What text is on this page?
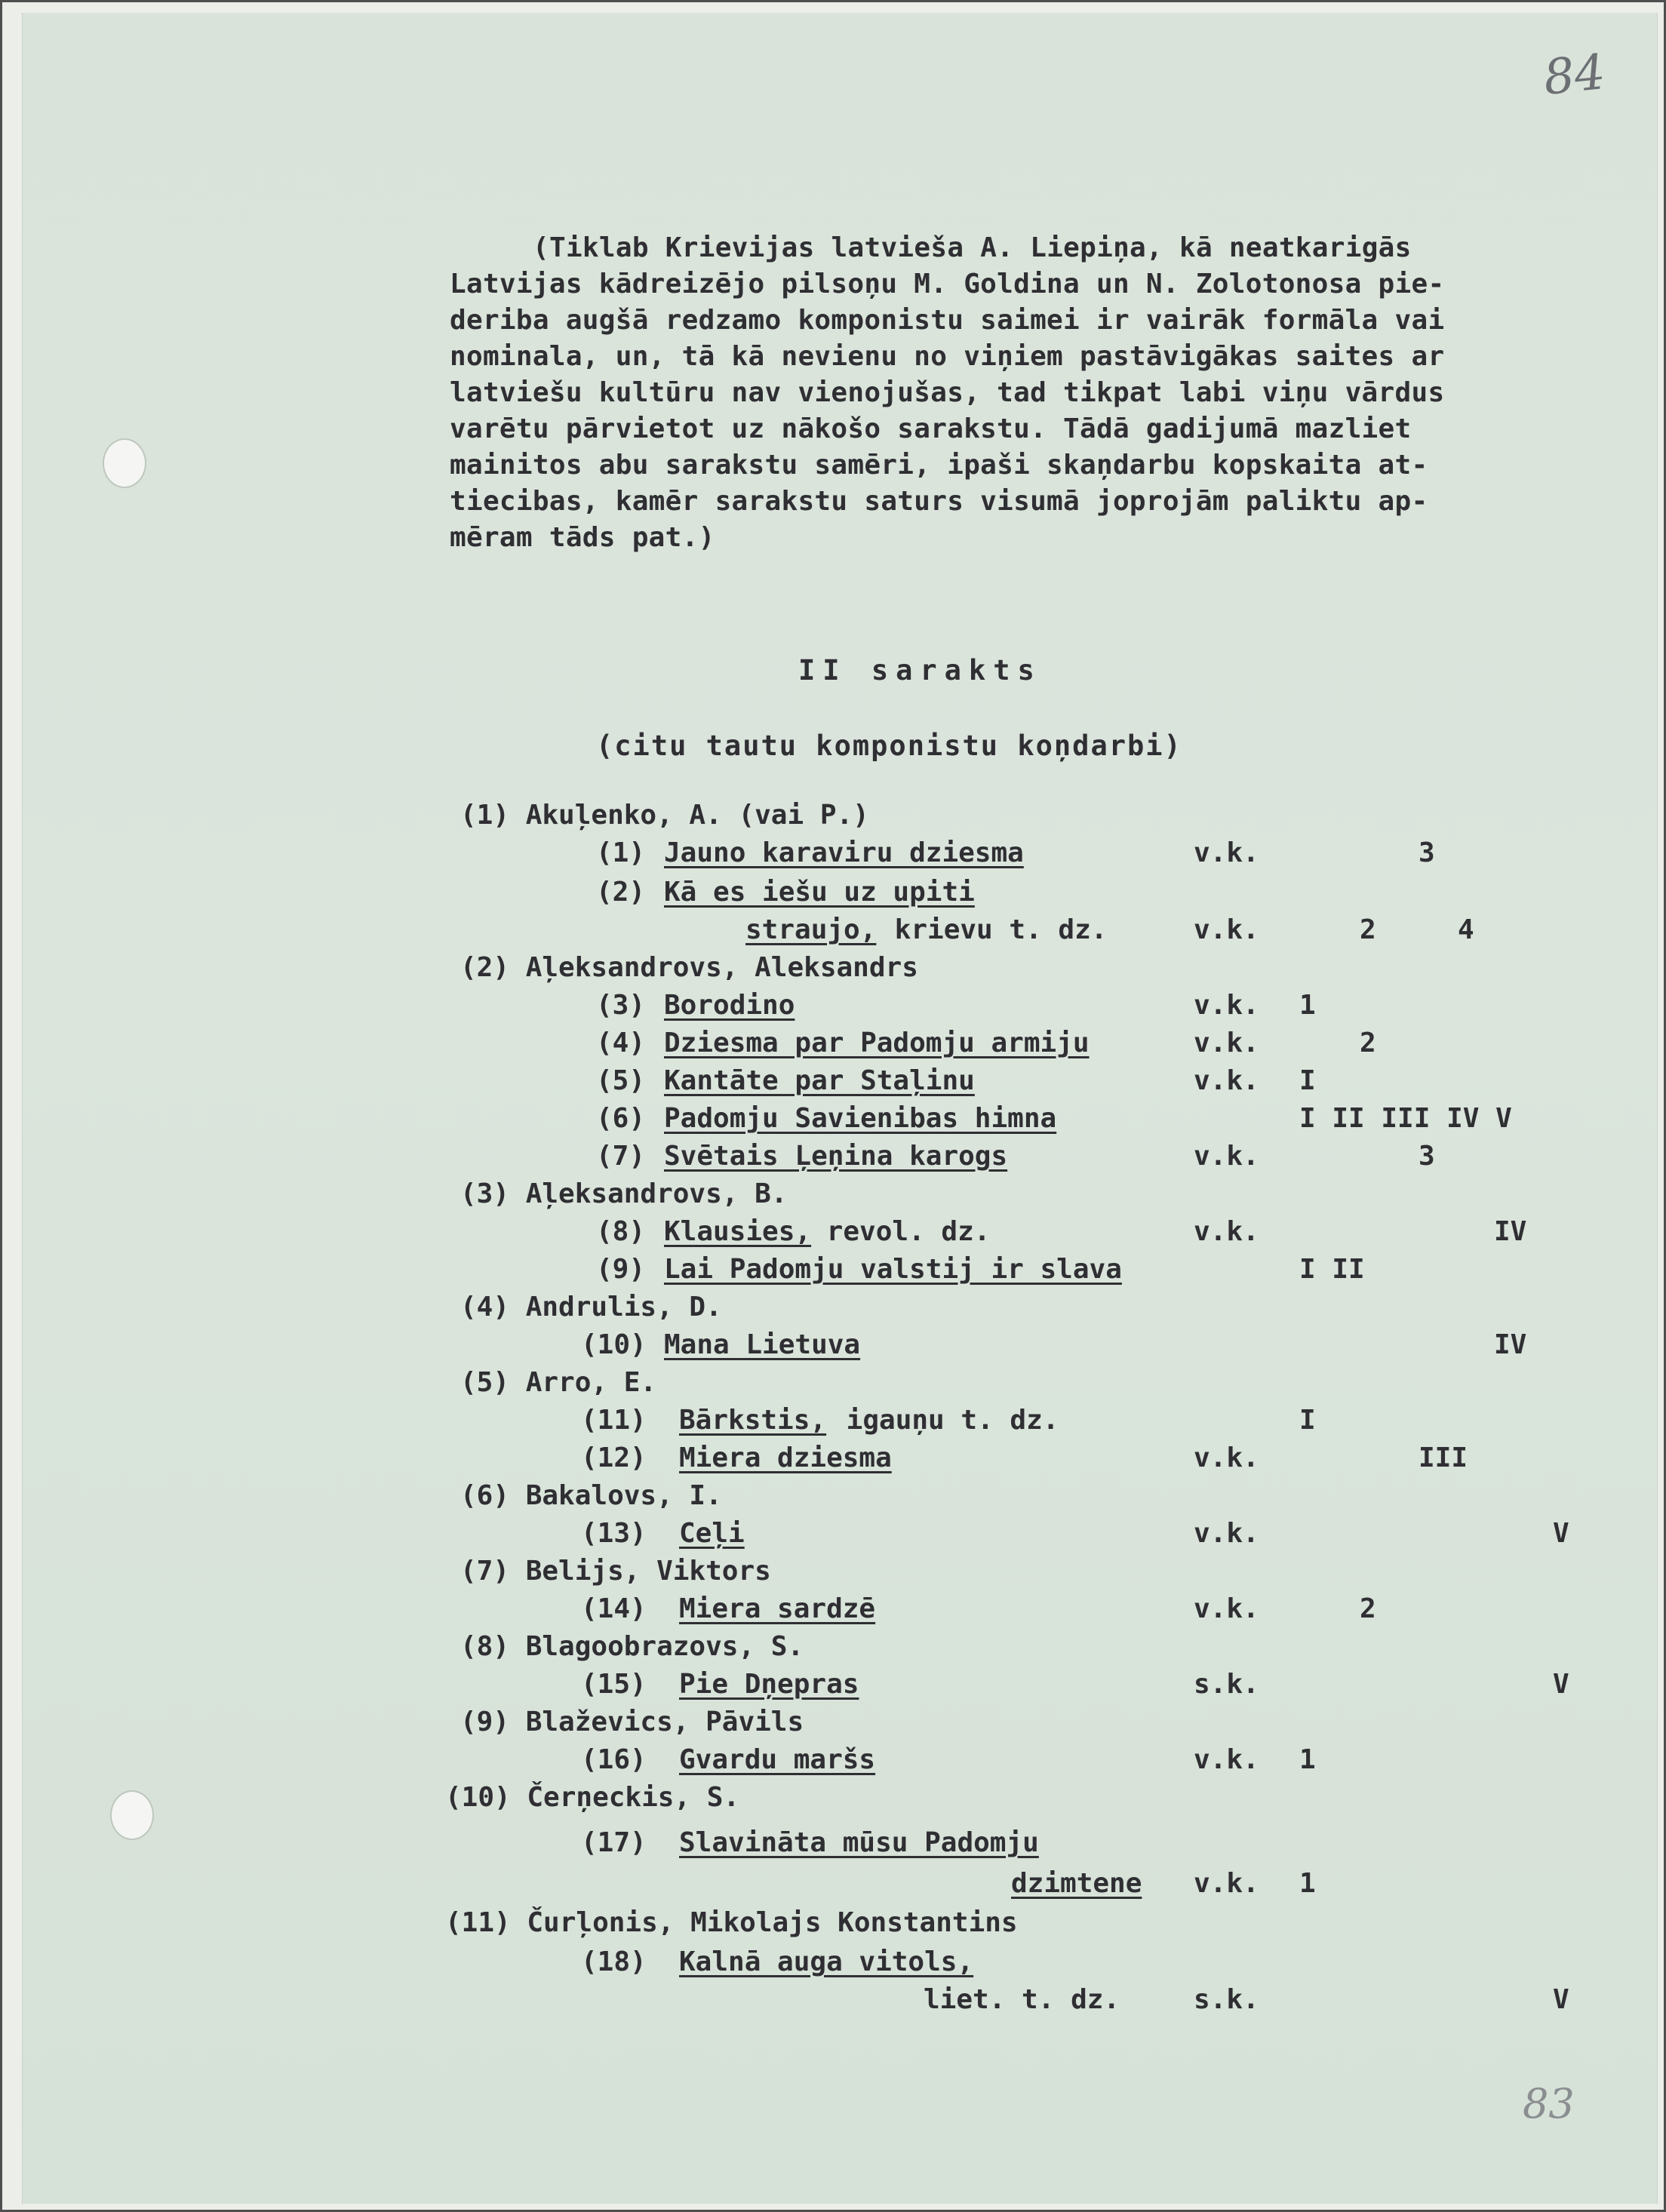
84
83
(Tiklab Krievijas latvieša A. Liepiņa, kā neatkarigās
Latvijas kādreizējo pilsoņu M. Goldina un N. Zolotonosa pie-
deriba augšā redzamo komponistu saimei ir vairāk formāla vai
nominala, un, tā kā nevienu no viņiem pastāvigākas saites ar
latviešu kultūru nav vienojušas, tad tikpat labi viņu vārdus
varētu pārvietot uz nākošo sarakstu. Tādā gadijumā mazliet
mainitos abu sarakstu samēri, ipaši skaņdarbu kopskaita at-
tiecibas, kamēr sarakstu saturs visumā joprojām paliktu ap-
mēram tāds pat.)
II sarakts
(citu tautu komponistu koņdarbi)
(1) Akuļenko, A. (vai P.)
(1) Jauno karaviru dziesma	v.k.	3
(2) Kā es iešu uz upiti
straujo, krievu t. dz.	v.k.	2     4
(2) Aļeksandrovs, Aleksandrs
(3) Borodino	v.k. 1
(4) Dziesma par Padomju armiju	v.k.	2
(5) Kantāte par Staļinu	v.k. I
(6) Padomju Savienibas himna	I II III IV V
(7) Svētais Ļeņina karogs	v.k.	3
(3) Aļeksandrovs, B.
(8) Klausies,
revol. dz.	v.k.	IV
(9) Lai Padomju valstij ir slava	I II
(4) Andrulis, D.
(10) Mana Lietuva	IV
(5) Arro, E.
(11) Bārkstis, igauņu t. dz.	I
(12) Miera dziesma	v.k.	III
(6) Bakalovs, I.
(13) Ceļi	v.k.	V
(7) Belijs, Viktors
(14) Miera sardzē	v.k.	2
(8) Blagoobrazovs, S.
(15) Pie Dņepras	s.k.	V
(9) Blaževics, Pāvils
(16) Gvardu maršs	v.k. 1
(10) Čerņeckis, S.
(17) Slavināta mūsu Padomju
dzimtene v.k. 1
(11) Čurļonis, Mikolajs Konstantins
(18) Kalnā auga vitols,
liet. t. dz.	s.k.	V
